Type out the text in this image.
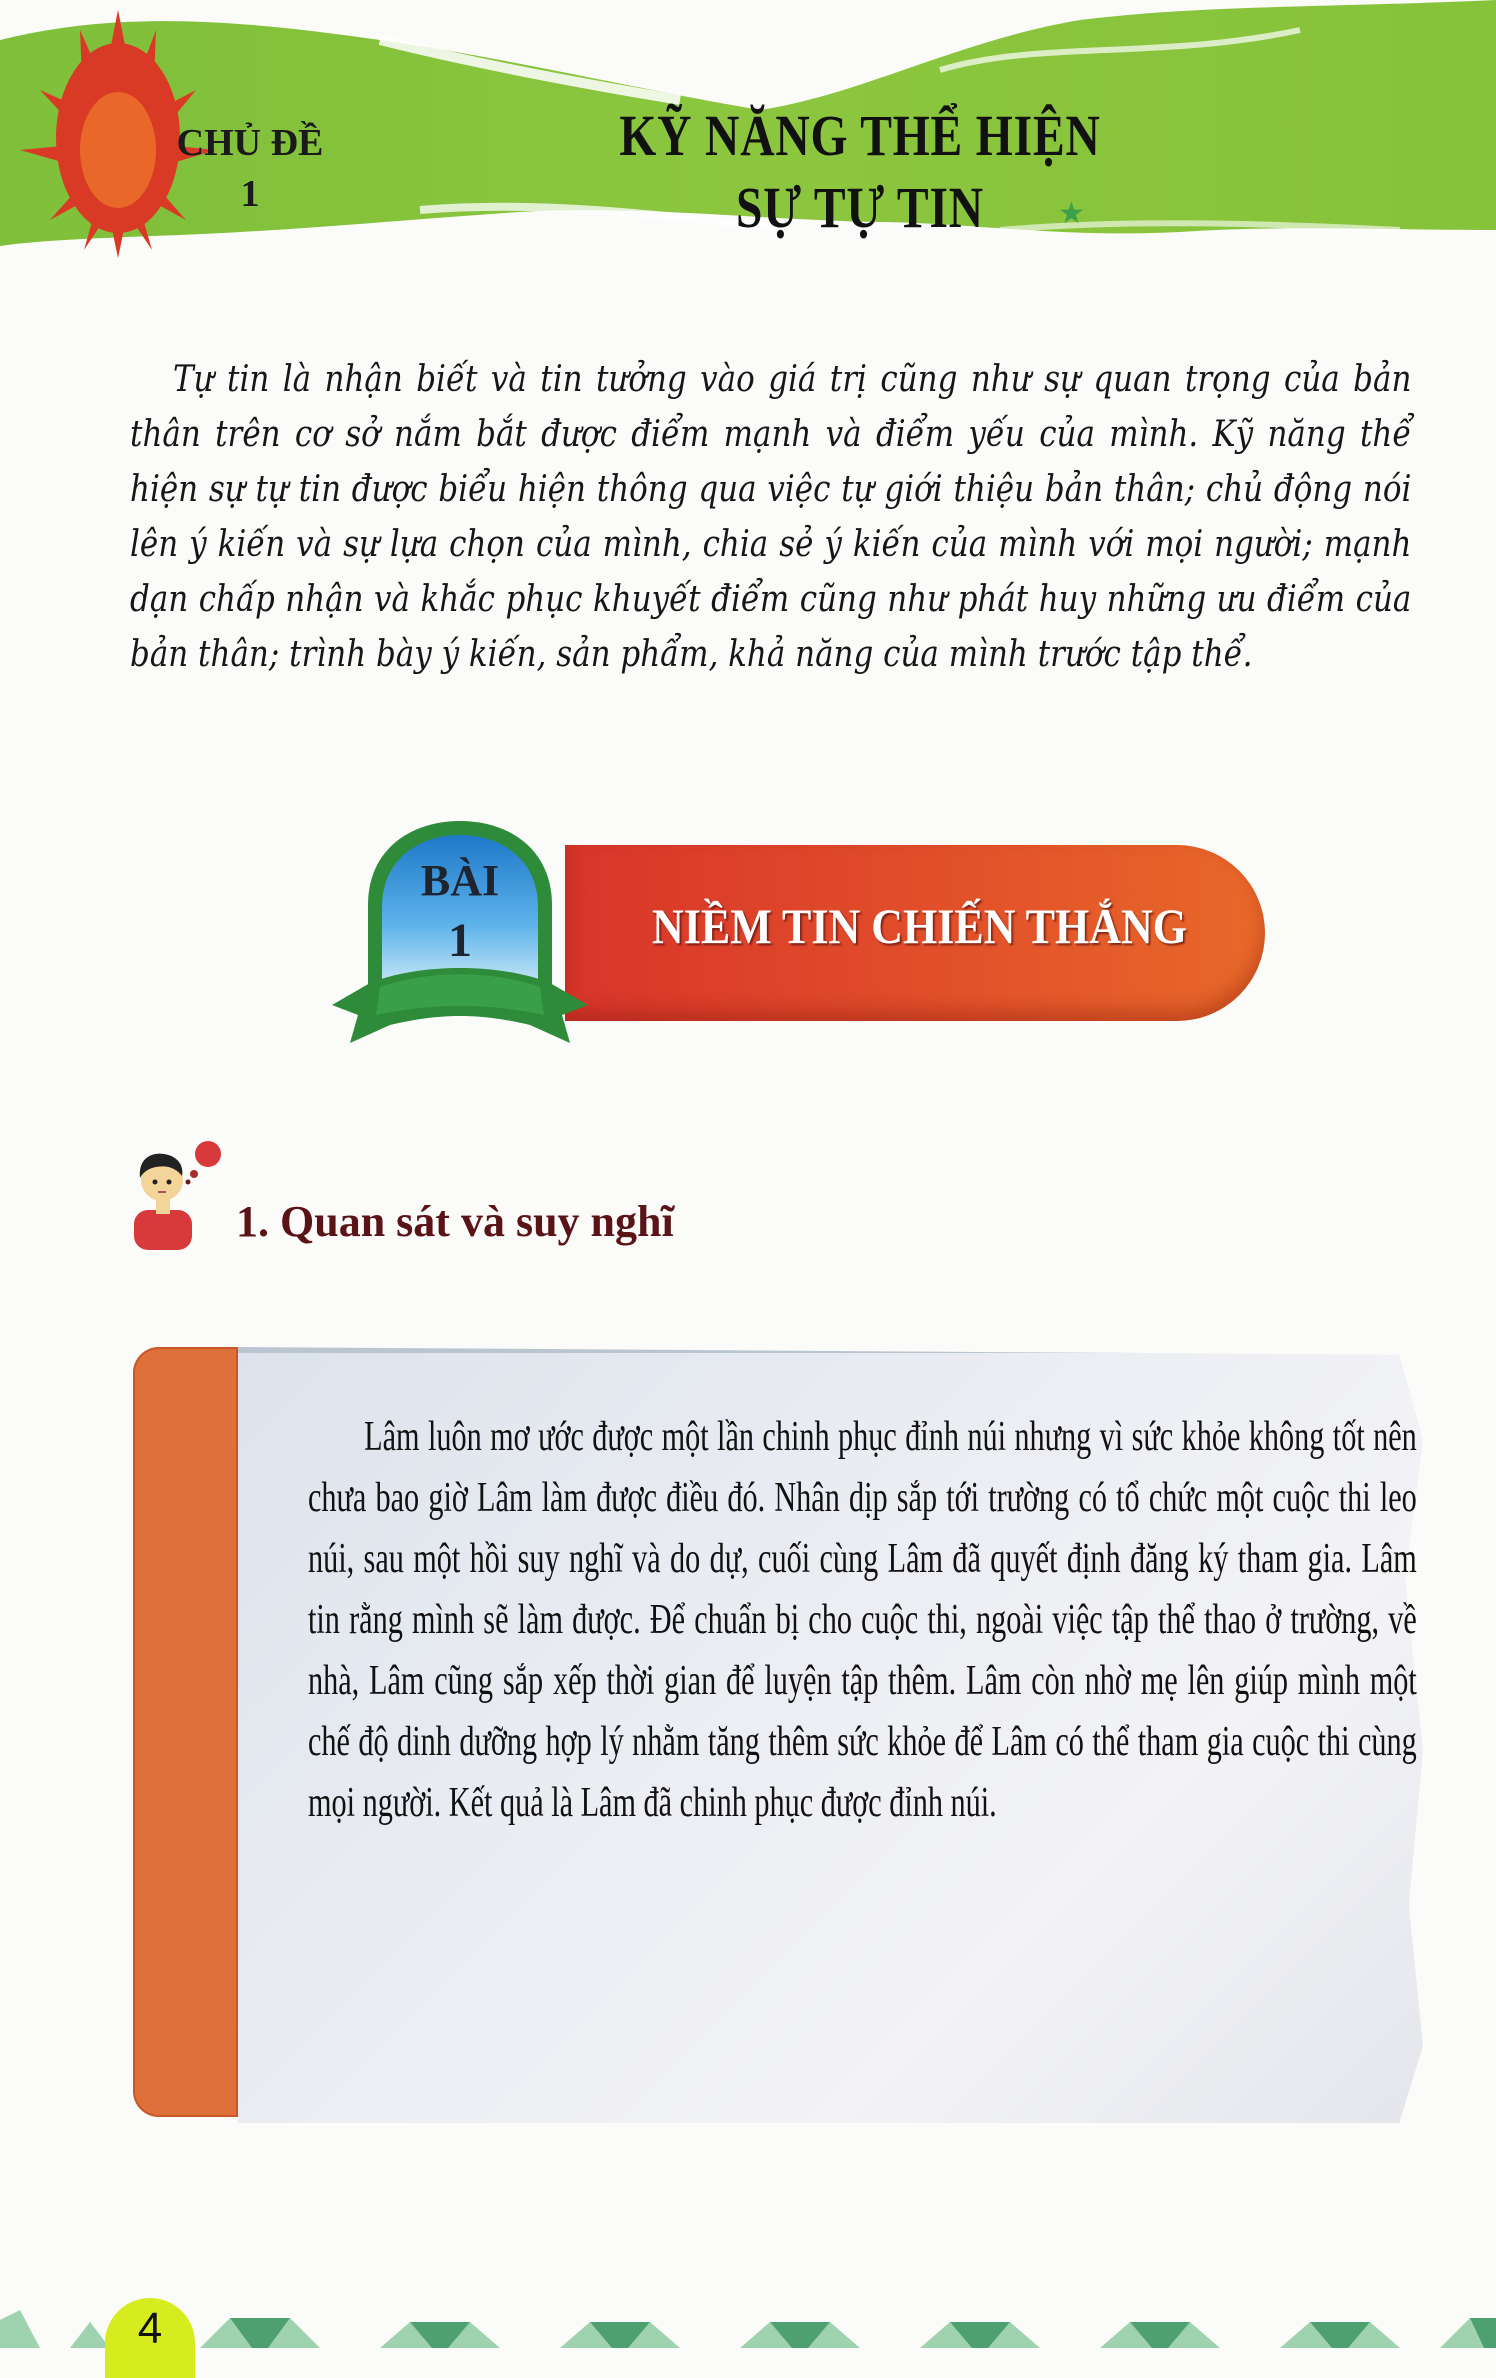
CHỦ ĐỀ
1
KỸ NĂNG THỂ HIỆN
SỰ TỰ TIN	★

Tự tin là nhận biết và tin tưởng vào giá trị cũng như sự quan trọng của bản thân trên cơ sở nắm bắt được điểm mạnh và điểm yếu của mình. Kỹ năng thể hiện sự tự tin được biểu hiện thông qua việc tự giới thiệu bản thân; chủ động nói lên ý kiến và sự lựa chọn của mình, chia sẻ ý kiến của mình với mọi người; mạnh dạn chấp nhận và khắc phục khuyết điểm cũng như phát huy những ưu điểm của bản thân; trình bày ý kiến, sản phẩm, khả năng của mình trước tập thể.

NIỀM TIN CHIẾN THẮNG
BÀI
1
1. Quan sát và suy nghĩ

Lâm luôn mơ ước được một lần chinh phục đỉnh núi nhưng vì sức khỏe không tốt nên chưa bao giờ Lâm làm được điều đó. Nhân dịp sắp tới trường có tổ chức một cuộc thi leo núi, sau một hồi suy nghĩ và do dự, cuối cùng Lâm đã quyết định đăng ký tham gia. Lâm tin rằng mình sẽ làm được. Để chuẩn bị cho cuộc thi, ngoài việc tập thể thao ở trường, về nhà, Lâm cũng sắp xếp thời gian để luyện tập thêm. Lâm còn nhờ mẹ lên giúp mình một chế độ dinh dưỡng hợp lý nhằm tăng thêm sức khỏe để Lâm có thể tham gia cuộc thi cùng mọi người. Kết quả là Lâm đã chinh phục được đỉnh núi.

4
